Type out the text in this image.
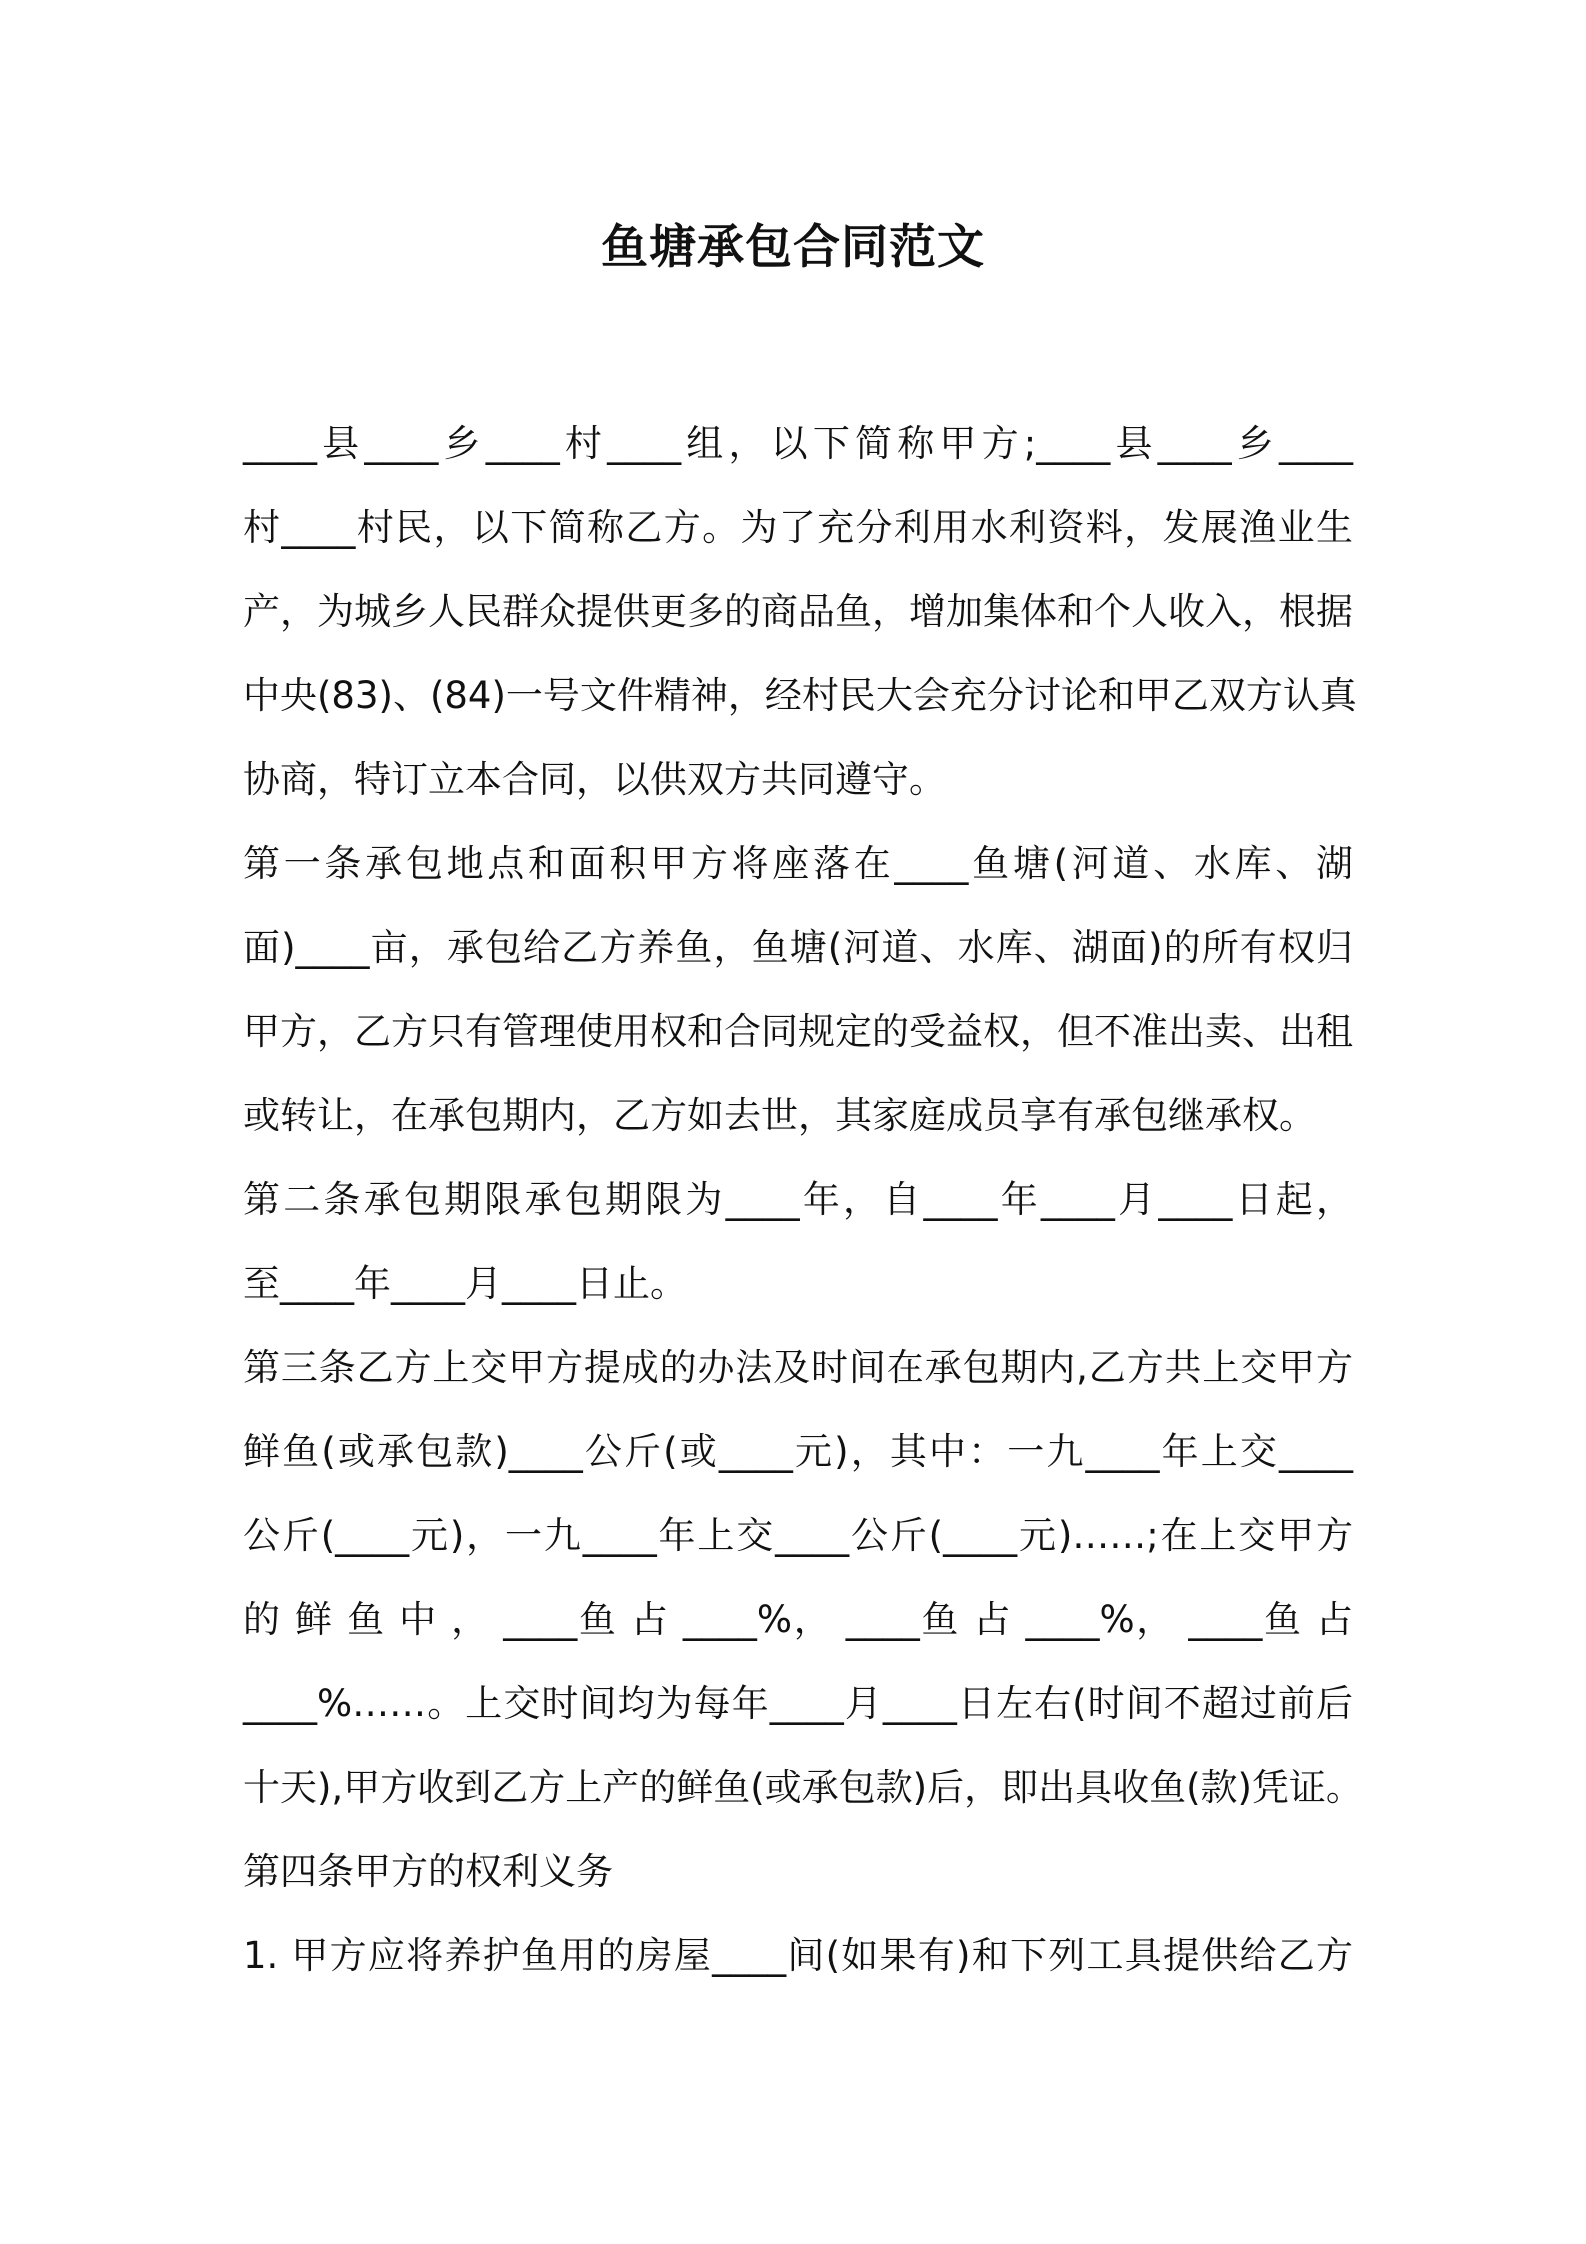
鱼塘承包合同范文
____县____乡____村____组，以下简称甲方;____县____乡____
村____村民，以下简称乙方。为了充分利用水利资料，发展渔业生
产，为城乡人民群众提供更多的商品鱼，增加集体和个人收入，根据
中央(83)、(84)一号文件精神，经村民大会充分讨论和甲乙双方认真
协商，特订立本合同，以供双方共同遵守。
第一条承包地点和面积甲方将座落在____鱼塘(河道、水库、湖
面)____亩，承包给乙方养鱼，鱼塘(河道、水库、湖面)的所有权归
甲方，乙方只有管理使用权和合同规定的受益权，但不准出卖、出租
或转让，在承包期内，乙方如去世，其家庭成员享有承包继承权。
第二条承包期限承包期限为____年，自____年____月____日起，
至____年____月____日止。
第三条乙方上交甲方提成的办法及时间在承包期内,乙方共上交甲方
鲜鱼(或承包款)____公斤(或____元)，其中：一九____年上交____
公斤(____元)，一九____年上交____公斤(____元)……;在上交甲方
的 鲜 鱼 中 ， ____鱼 占 ____%， ____鱼 占 ____%， ____鱼 占
____%……。上交时间均为每年____月____日左右(时间不超过前后
十天),甲方收到乙方上产的鲜鱼(或承包款)后，即出具收鱼(款)凭证。
第四条甲方的权利义务
1. 甲方应将养护鱼用的房屋____间(如果有)和下列工具提供给乙方
